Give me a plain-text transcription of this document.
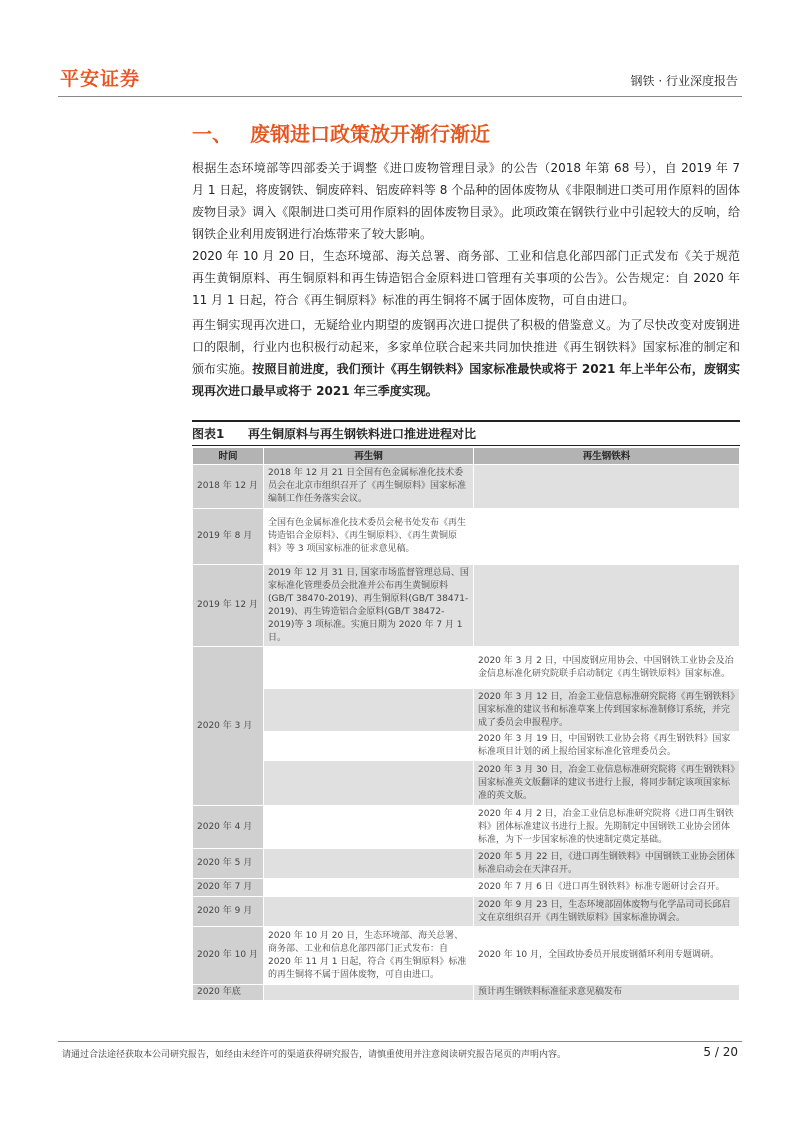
平安证券	钢铁 · 行业深度报告
一、 废钢进口政策放开渐行渐近
根据生态环境部等四部委关于调整《进口废物管理目录》的公告（2018 年第 68 号），自 2019 年 7 月 1 日起，将废钢铁、铜废碎料、铝废碎料等 8 个品种的固体废物从《非限制进口类可用作原料的固体废物目录》调入《限制进口类可用作原料的固体废物目录》。此项政策在钢铁行业中引起较大的反响，给钢铁企业利用废钢进行冶炼带来了较大影响。
2020 年 10 月 20 日，生态环境部、海关总署、商务部、工业和信息化部四部门正式发布《关于规范再生黄铜原料、再生铜原料和再生铸造铝合金原料进口管理有关事项的公告》。公告规定：自 2020 年 11 月 1 日起，符合《再生铜原料》标准的再生铜将不属于固体废物，可自由进口。
再生铜实现再次进口，无疑给业内期望的废钢再次进口提供了积极的借鉴意义。为了尽快改变对废钢进口的限制，行业内也积极行动起来，多家单位联合起来共同加快推进《再生钢铁料》国家标准的制定和颁布实施。按照目前进度，我们预计《再生钢铁料》国家标准最快或将于 2021 年上半年公布，废钢实现再次进口最早或将于 2021 年三季度实现。
图表1 再生铜原料与再生钢铁料进口推进进程对比
时间	再生铜	再生钢铁料
2018 年 12 月	2018 年 12 月 21 日全国有色金属标准化技术委员会在北京市组织召开了《再生铜原料》国家标准编制工作任务落实会议。	
2019 年 8 月	全国有色金属标准化技术委员会秘书处发布《再生铸造铝合金原料》、《再生铜原料》、《再生黄铜原料》等 3 项国家标准的征求意见稿。	
2019 年 12 月	2019 年 12 月 31 日, 国家市场监督管理总局、国家标准化管理委员会批准并公布再生黄铜原料(GB/T 38470-2019)、再生铜原料(GB/T 38471-2019)、再生铸造铝合金原料(GB/T 38472-2019)等 3 项标准。实施日期为 2020 年 7 月 1 日。	
2020 年 3 月		2020 年 3 月 2 日，中国废钢应用协会、中国钢铁工业协会及冶金信息标准化研究院联手启动制定《再生钢铁原料》国家标准。
		2020 年 3 月 12 日，冶金工业信息标准研究院将《再生钢铁料》国家标准的建议书和标准草案上传到国家标准制修订系统，并完成了委员会申报程序。
		2020 年 3 月 19 日，中国钢铁工业协会将《再生钢铁料》国家标准项目计划的函上报给国家标准化管理委员会。
		2020 年 3 月 30 日，冶金工业信息标准研究院将《再生钢铁料》国家标准英文版翻译的建议书进行上报，将同步制定该项国家标准的英文版。
2020 年 4 月		2020 年 4 月 2 日，冶金工业信息标准研究院将《进口再生钢铁料》团体标准建议书进行上报。先期制定中国钢铁工业协会团体标准，为下一步国家标准的快速制定奠定基础。
2020 年 5 月		2020 年 5 月 22 日，《进口再生钢铁料》中国钢铁工业协会团体标准启动会在天津召开。
2020 年 7 月		2020 年 7 月 6 日《进口再生钢铁料》标准专题研讨会召开。
2020 年 9 月		2020 年 9 月 23 日，生态环境部固体废物与化学品司司长邱启文在京组织召开《再生钢铁原料》国家标准协调会。
2020 年 10 月	2020 年 10 月 20 日，生态环境部、海关总署、商务部、工业和信息化部四部门正式发布：自 2020 年 11 月 1 日起，符合《再生铜原料》标准的再生铜将不属于固体废物，可自由进口。	2020 年 10 月，全国政协委员开展废钢循环利用专题调研。
2020 年底		预计再生钢铁料标准征求意见稿发布
请通过合法途径获取本公司研究报告，如经由未经许可的渠道获得研究报告，请慎重使用并注意阅读研究报告尾页的声明内容。	5 / 20
